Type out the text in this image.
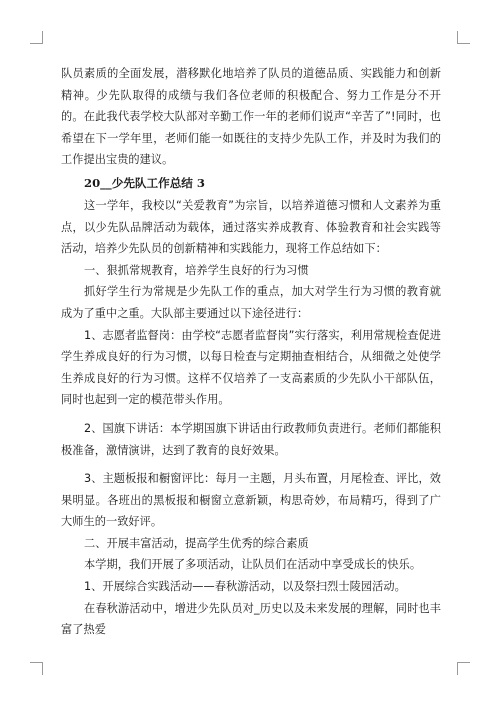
队员素质的全面发展，潜移默化地培养了队员的道德品质、实践能力和创新精神。少先队取得的成绩与我们各位老师的积极配合、努力工作是分不开的。在此我代表学校大队部对辛勤工作一年的老师们说声“辛苦了”!同时，也希望在下一学年里，老师们能一如既往的支持少先队工作，并及时为我们的工作提出宝贵的建议。

20__少先队工作总结 3

这一学年，我校以“关爱教育”为宗旨，以培养道德习惯和人文素养为重点，以少先队品牌活动为载体，通过落实养成教育、体验教育和社会实践等活动，培养少先队员的创新精神和实践能力，现将工作总结如下：

一、狠抓常规教育，培养学生良好的行为习惯

抓好学生行为常规是少先队工作的重点，加大对学生行为习惯的教育就成为了重中之重。大队部主要通过以下途径进行：

1、志愿者监督岗：由学校“志愿者监督岗”实行落实，利用常规检查促进学生养成良好的行为习惯，以每日检查与定期抽查相结合，从细微之处使学生养成良好的行为习惯。这样不仅培养了一支高素质的少先队小干部队伍，同时也起到一定的模范带头作用。

2、国旗下讲话：本学期国旗下讲话由行政教师负责进行。老师们都能积极准备，激情演讲，达到了教育的良好效果。

3、主题板报和橱窗评比：每月一主题，月头布置，月尾检查、评比，效果明显。各班出的黑板报和橱窗立意新颖，构思奇妙，布局精巧，得到了广大师生的一致好评。

二、开展丰富活动，提高学生优秀的综合素质

本学期，我们开展了多项活动，让队员们在活动中享受成长的快乐。

1、开展综合实践活动——春秋游活动，以及祭扫烈士陵园活动。

在春秋游活动中，增进少先队员对_历史以及未来发展的理解，同时也丰富了热爱
